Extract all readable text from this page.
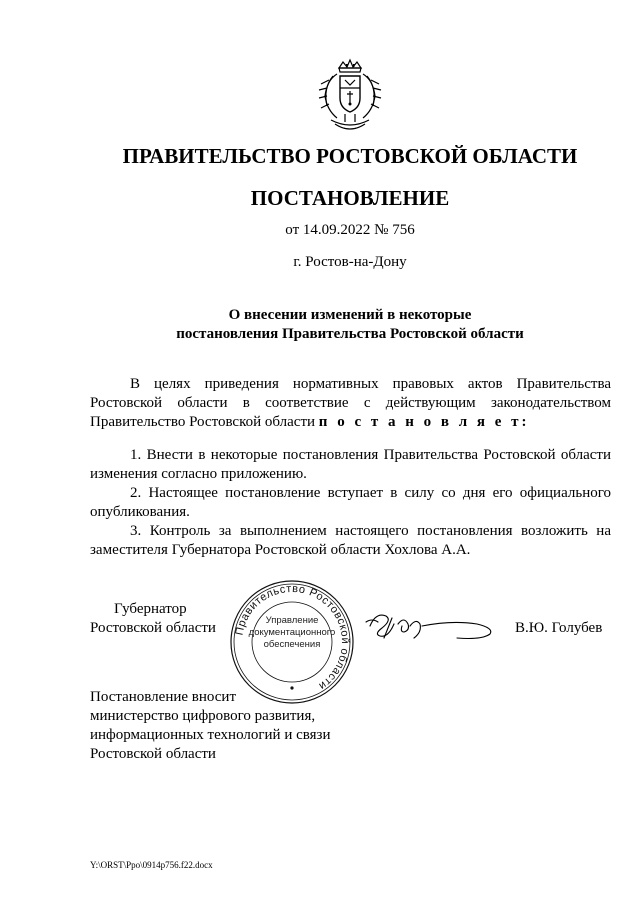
ПРАВИТЕЛЬСТВО РОСТОВСКОЙ ОБЛАСТИ
ПОСТАНОВЛЕНИЕ
от 14.09.2022 № 756
г. Ростов-на-Дону
О внесении изменений в некоторые
постановления Правительства Ростовской области
В целях приведения нормативных правовых актов Правительства Ростовской области в соответствие с действующим законодательством Правительство Ростовской области п о с т а н о в л я е т:
1. Внести в некоторые постановления Правительства Ростовской области изменения согласно приложению.
2. Настоящее постановление вступает в силу со дня его официального опубликования.
3. Контроль за выполнением настоящего постановления возложить на заместителя Губернатора Ростовской области Хохлова А.А.
Губернатор
Ростовской области	Правительство Ростовской области
Управление
документационного
обеспечения
В.Ю. Голубев
Постановление вносит
министерство цифрового развития,
информационных технологий и связи
Ростовской области
Y:\ORST\Ppo\0914p756.f22.docx
